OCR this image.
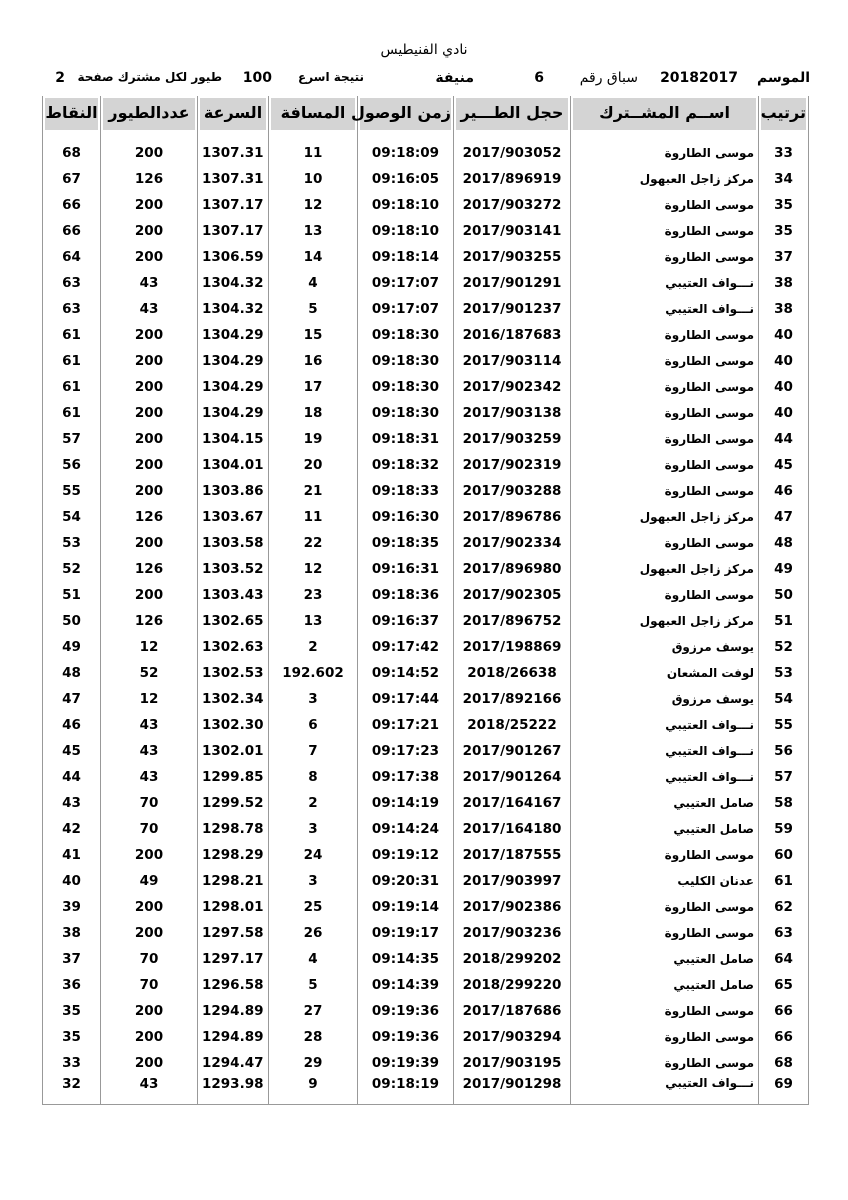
نادي الفنيطيس
الموسم
20182017
سباق رقم
6
منيفة
نتيجة اسرع
100
طيور لكل مشترك صفحة
2
ترتيب	اســم المشــترك	حجل الطـــير	زمن الوصول	المسافة	السرعة	عددالطيور	النقاط

33	موسى الطاروة	2017/903052	09:18:09	11	1307.31	200	68
34	مركز زاجل العبهول	2017/896919	09:16:05	10	1307.31	126	67
35	موسى الطاروة	2017/903272	09:18:10	12	1307.17	200	66
35	موسى الطاروة	2017/903141	09:18:10	13	1307.17	200	66
37	موسى الطاروة	2017/903255	09:18:14	14	1306.59	200	64
38	نـــواف العتيبي	2017/901291	09:17:07	4	1304.32	43	63
38	نـــواف العتيبي	2017/901237	09:17:07	5	1304.32	43	63
40	موسى الطاروة	2016/187683	09:18:30	15	1304.29	200	61
40	موسى الطاروة	2017/903114	09:18:30	16	1304.29	200	61
40	موسى الطاروة	2017/902342	09:18:30	17	1304.29	200	61
40	موسى الطاروة	2017/903138	09:18:30	18	1304.29	200	61
44	موسى الطاروة	2017/903259	09:18:31	19	1304.15	200	57
45	موسى الطاروة	2017/902319	09:18:32	20	1304.01	200	56
46	موسى الطاروة	2017/903288	09:18:33	21	1303.86	200	55
47	مركز زاجل العبهول	2017/896786	09:16:30	11	1303.67	126	54
48	موسى الطاروة	2017/902334	09:18:35	22	1303.58	200	53
49	مركز زاجل العبهول	2017/896980	09:16:31	12	1303.52	126	52
50	موسى الطاروة	2017/902305	09:18:36	23	1303.43	200	51
51	مركز زاجل العبهول	2017/896752	09:16:37	13	1302.65	126	50
52	يوسف مرزوق	2017/198869	09:17:42	2	1302.63	12	49
53	لوفت المشعان	2018/26638	09:14:52	192.602	1302.53	52	48
54	يوسف مرزوق	2017/892166	09:17:44	3	1302.34	12	47
55	نـــواف العتيبي	2018/25222	09:17:21	6	1302.30	43	46
56	نـــواف العتيبي	2017/901267	09:17:23	7	1302.01	43	45
57	نـــواف العتيبي	2017/901264	09:17:38	8	1299.85	43	44
58	صامل العتيبي	2017/164167	09:14:19	2	1299.52	70	43
59	صامل العتيبي	2017/164180	09:14:24	3	1298.78	70	42
60	موسى الطاروة	2017/187555	09:19:12	24	1298.29	200	41
61	عدنان الكليب	2017/903997	09:20:31	3	1298.21	49	40
62	موسى الطاروة	2017/902386	09:19:14	25	1298.01	200	39
63	موسى الطاروة	2017/903236	09:19:17	26	1297.58	200	38
64	صامل العتيبي	2018/299202	09:14:35	4	1297.17	70	37
65	صامل العتيبي	2018/299220	09:14:39	5	1296.58	70	36
66	موسى الطاروة	2017/187686	09:19:36	27	1294.89	200	35
66	موسى الطاروة	2017/903294	09:19:36	28	1294.89	200	35
68	موسى الطاروة	2017/903195	09:19:39	29	1294.47	200	33
69	نـــواف العتيبي	2017/901298	09:18:19	9	1293.98	43	32
